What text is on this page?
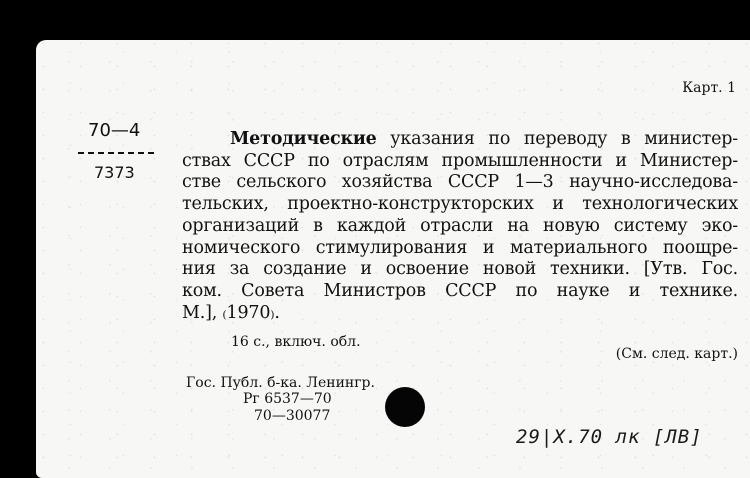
Карт. 1
70—4
7373
Методические указания по переводу в министер-
ствах СССР по отраслям промышленности и Министер-
стве сельского хозяйства СССР 1—3 научно-исследова-
тельских, проектно-конструкторских и технологических
организаций в каждой отрасли на новую систему эко-
номического стимулирования и материального поощре-
ния за создание и освоение новой техники. [Утв. Гос.
ком. Совета Министров СССР по науке и технике.
М.], ₍1970₎.
16 с., включ. обл.
(См. след. карт.)
Гос. Публ. б-ка. Ленингр.
Рг 6537—70
70—30077
29|X.70 лк [ЛВ]
